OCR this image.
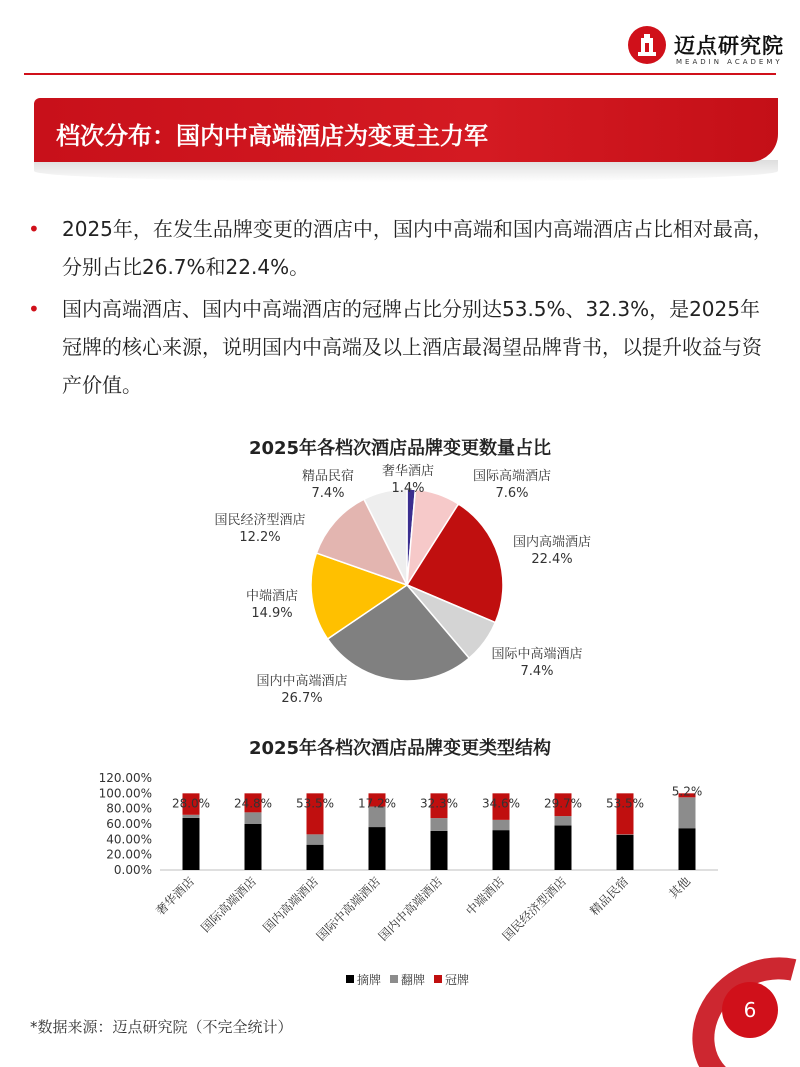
迈点研究院
MEADIN ACADEMY
档次分布：国内中高端酒店为变更主力军
• 2025年，在发生品牌变更的酒店中，国内中高端和国内高端酒店占比相对最高，分别占比26.7%和22.4%。
• 国内高端酒店、国内中高端酒店的冠牌占比分别达53.5%、32.3%，是2025年冠牌的核心来源，说明国内中高端及以上酒店最渴望品牌背书，以提升收益与资产价值。
2025年各档次酒店品牌变更数量占比
奢华酒店
1.4%
国际高端酒店
7.6%
国内高端酒店
22.4%
国际中高端酒店
7.4%
国内中高端酒店
26.7%
中端酒店
14.9%
国民经济型酒店
12.2%
精品民宿
7.4%
2025年各档次酒店品牌变更类型结构
120.00%
100.00%
80.00%
60.00%
40.00%
20.00%
0.00%
28.0%
奢华酒店
24.8%
国际高端酒店
53.5%
国内高端酒店
17.2%
国际中高端酒店
32.3%
国内中高端酒店
34.6%
中端酒店
29.7%
国民经济型酒店
53.5%
精品民宿
5.2%
其他
摘牌 翻牌 冠牌
*数据来源：迈点研究院（不完全统计）
6
